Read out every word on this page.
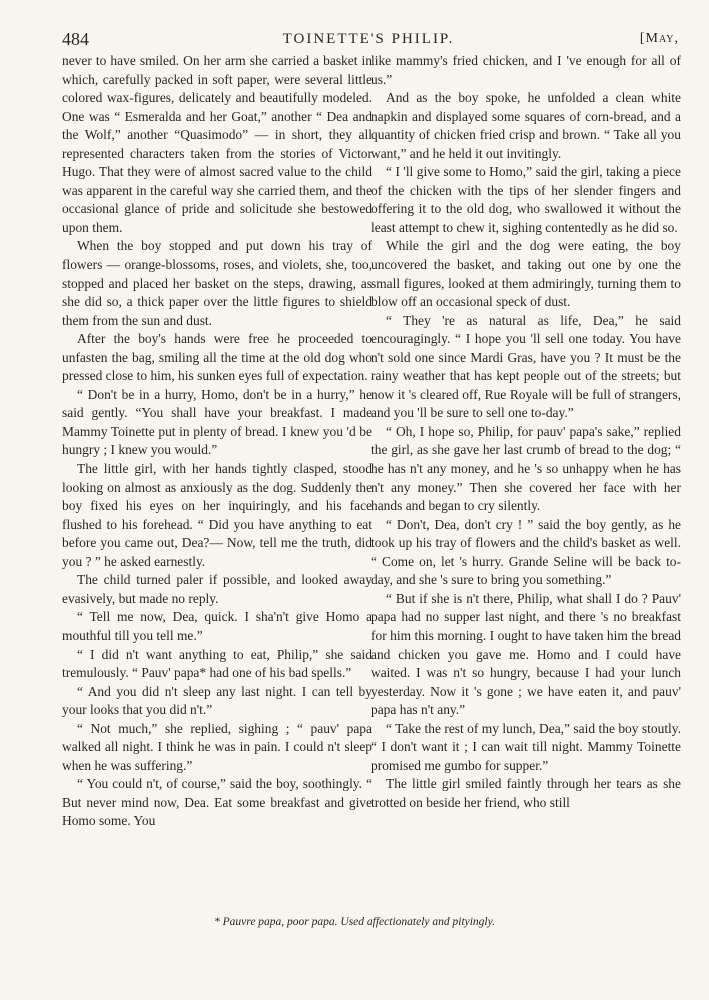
484	TOINETTE'S PHILIP.	[May,

never to have smiled. On her arm she carried a basket in which, carefully packed in soft paper, were several little colored wax-figures, delicately and beautifully modeled. One was “ Esmeralda and her Goat,” another “ Dea and the Wolf,” another “Quasimodo” — in short, they all represented characters taken from the stories of Victor Hugo. That they were of almost sacred value to the child was apparent in the careful way she carried them, and the occasional glance of pride and solicitude she bestowed upon them.

When the boy stopped and put down his tray of flowers — orange-blossoms, roses, and violets, she, too, stopped and placed her basket on the steps, drawing, as she did so, a thick paper over the little figures to shield them from the sun and dust.

After the boy's hands were free he proceeded to unfasten the bag, smiling all the time at the old dog who pressed close to him, his sunken eyes full of expectation.

“ Don't be in a hurry, Homo, don't be in a hurry,” he said gently. “You shall have your breakfast. I made Mammy Toinette put in plenty of bread. I knew you 'd be hungry ; I knew you would.”

The little girl, with her hands tightly clasped, stood looking on almost as anxiously as the dog. Suddenly the boy fixed his eyes on her inquiringly, and his face flushed to his forehead. “ Did you have anything to eat before you came out, Dea?— Now, tell me the truth, did you ? ” he asked earnestly.

The child turned paler if possible, and looked away evasively, but made no reply.

“ Tell me now, Dea, quick. I sha'n't give Homo a mouthful till you tell me.”

“ I did n't want anything to eat, Philip,” she said tremulously. “ Pauv' papa* had one of his bad spells.”

“ And you did n't sleep any last night. I can tell by your looks that you did n't.”

“ Not much,” she replied, sighing ; “ pauv' papa walked all night. I think he was in pain. I could n't sleep when he was suffering.”

“ You could n't, of course,” said the boy, soothingly. “ But never mind now, Dea. Eat some breakfast and give Homo some. You

like mammy's fried chicken, and I 've enough for all of us.”

And as the boy spoke, he unfolded a clean white napkin and displayed some squares of corn-bread, and a quantity of chicken fried crisp and brown. “ Take all you want,” and he held it out invitingly.

“ I 'll give some to Homo,” said the girl, taking a piece of the chicken with the tips of her slender fingers and offering it to the old dog, who swallowed it without the least attempt to chew it, sighing contentedly as he did so.

While the girl and the dog were eating, the boy uncovered the basket, and taking out one by one the small figures, looked at them admiringly, turning them to blow off an occasional speck of dust.

“ They 're as natural as life, Dea,” he said encouragingly. “ I hope you 'll sell one today. You have n't sold one since Mardi Gras, have you ? It must be the rainy weather that has kept people out of the streets; but now it 's cleared off, Rue Royale will be full of strangers, and you 'll be sure to sell one to-day.”

“ Oh, I hope so, Philip, for pauv' papa's sake,” replied the girl, as she gave her last crumb of bread to the dog; “ he has n't any money, and he 's so unhappy when he has n't any money.” Then she covered her face with her hands and began to cry silently.

“ Don't, Dea, don't cry ! ” said the boy gently, as he took up his tray of flowers and the child's basket as well. “ Come on, let 's hurry. Grande Seline will be back to-day, and she 's sure to bring you something.”

“ But if she is n't there, Philip, what shall I do ? Pauv' papa had no supper last night, and there 's no breakfast for him this morning. I ought to have taken him the bread and chicken you gave me. Homo and I could have waited. I was n't so hungry, because I had your lunch yesterday. Now it 's gone ; we have eaten it, and pauv' papa has n't any.”

“ Take the rest of my lunch, Dea,” said the boy stoutly. “ I don't want it ; I can wait till night. Mammy Toinette promised me gumbo for supper.”

The little girl smiled faintly through her tears as she trotted on beside her friend, who still

* Pauvre papa, poor papa. Used affectionately and pityingly.
